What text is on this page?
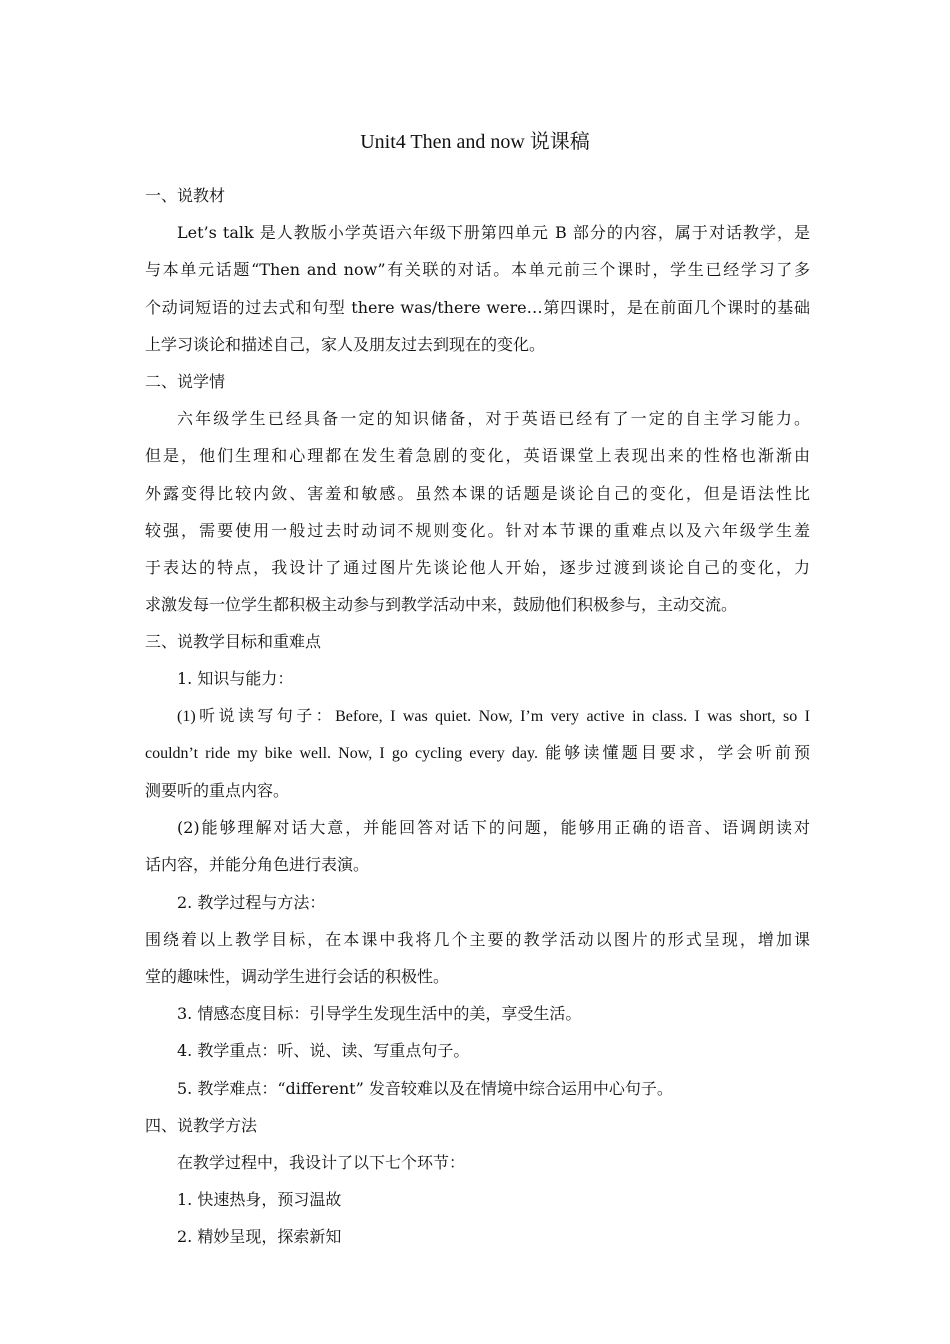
Unit4 Then and now 说课稿
一、说教材
Let’s talk 是人教版小学英语六年级下册第四单元 B 部分的内容，属于对话教学，是
与本单元话题“Then and now”有关联的对话。本单元前三个课时，学生已经学习了多
个动词短语的过去式和句型 there was/there were…第四课时，是在前面几个课时的基础
上学习谈论和描述自己，家人及朋友过去到现在的变化。
二、说学情
六年级学生已经具备一定的知识储备，对于英语已经有了一定的自主学习能力。
但是，他们生理和心理都在发生着急剧的变化，英语课堂上表现出来的性格也渐渐由
外露变得比较内敛、害羞和敏感。虽然本课的话题是谈论自己的变化，但是语法性比
较强，需要使用一般过去时动词不规则变化。针对本节课的重难点以及六年级学生羞
于表达的特点，我设计了通过图片先谈论他人开始，逐步过渡到谈论自己的变化，力
求激发每一位学生都积极主动参与到教学活动中来，鼓励他们积极参与，主动交流。
三、说教学目标和重难点
1. 知识与能力：
(1)听说读写句子：Before, I was quiet. Now, I’m very active in class. I was short, so I
couldn’t ride my bike well. Now, I go cycling every day. 能够读懂题目要求，学会听前预
测要听的重点内容。
(2)能够理解对话大意，并能回答对话下的问题，能够用正确的语音、语调朗读对
话内容，并能分角色进行表演。
2. 教学过程与方法：
围绕着以上教学目标，在本课中我将几个主要的教学活动以图片的形式呈现，增加课
堂的趣味性，调动学生进行会话的积极性。
3. 情感态度目标：引导学生发现生活中的美，享受生活。
4. 教学重点：听、说、读、写重点句子。
5. 教学难点：“different” 发音较难以及在情境中综合运用中心句子。
四、说教学方法
在教学过程中，我设计了以下七个环节：
1. 快速热身，预习温故
2. 精妙呈现，探索新知
